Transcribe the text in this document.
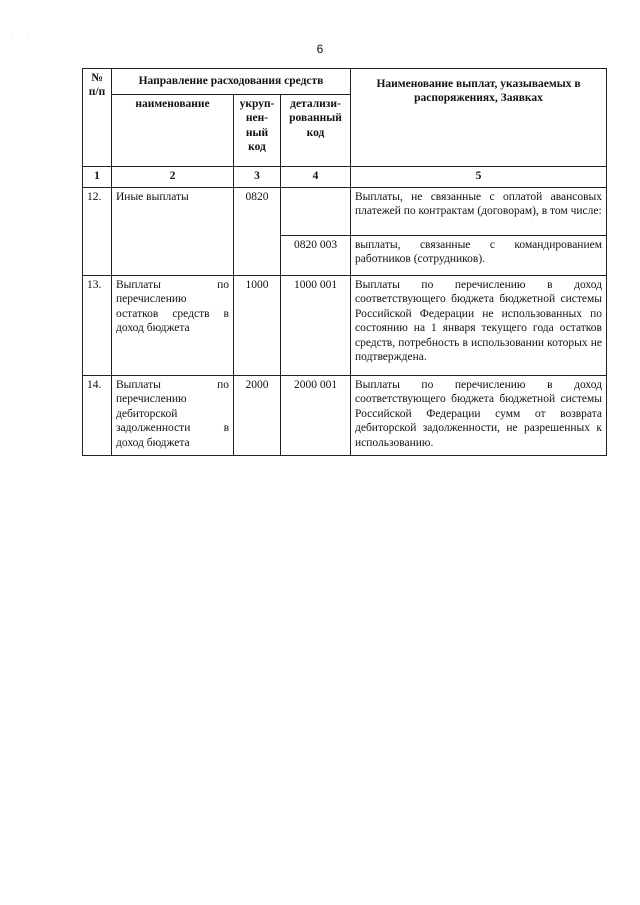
. .
6
№ п/п	Направление расходования средств			Наименование выплат, указываемых в распоряжениях, Заявках
	наименование	укруп-нен-ный код	детализи-рованный код	
1	2	3	4	5
12.	Иные выплаты	0820		Выплаты, не связанные с оплатой авансовых платежей по контрактам (договорам), в том числе:
			0820 003	выплаты, связанные с командированием работников (сотрудников).
13.	Выплаты по перечислению остатков средств в доход бюджета	1000	1000 001	Выплаты по перечислению в доход соответствующего бюджета бюджетной системы Российской Федерации не использованных по состоянию на 1 января текущего года остатков средств, потребность в использовании которых не подтверждена.
14.	Выплаты по перечислению дебиторской задолженности в доход бюджета	2000	2000 001	Выплаты по перечислению в доход соответствующего бюджета бюджетной системы Российской Федерации сумм от возврата дебиторской задолженности, не разрешенных к использованию.
